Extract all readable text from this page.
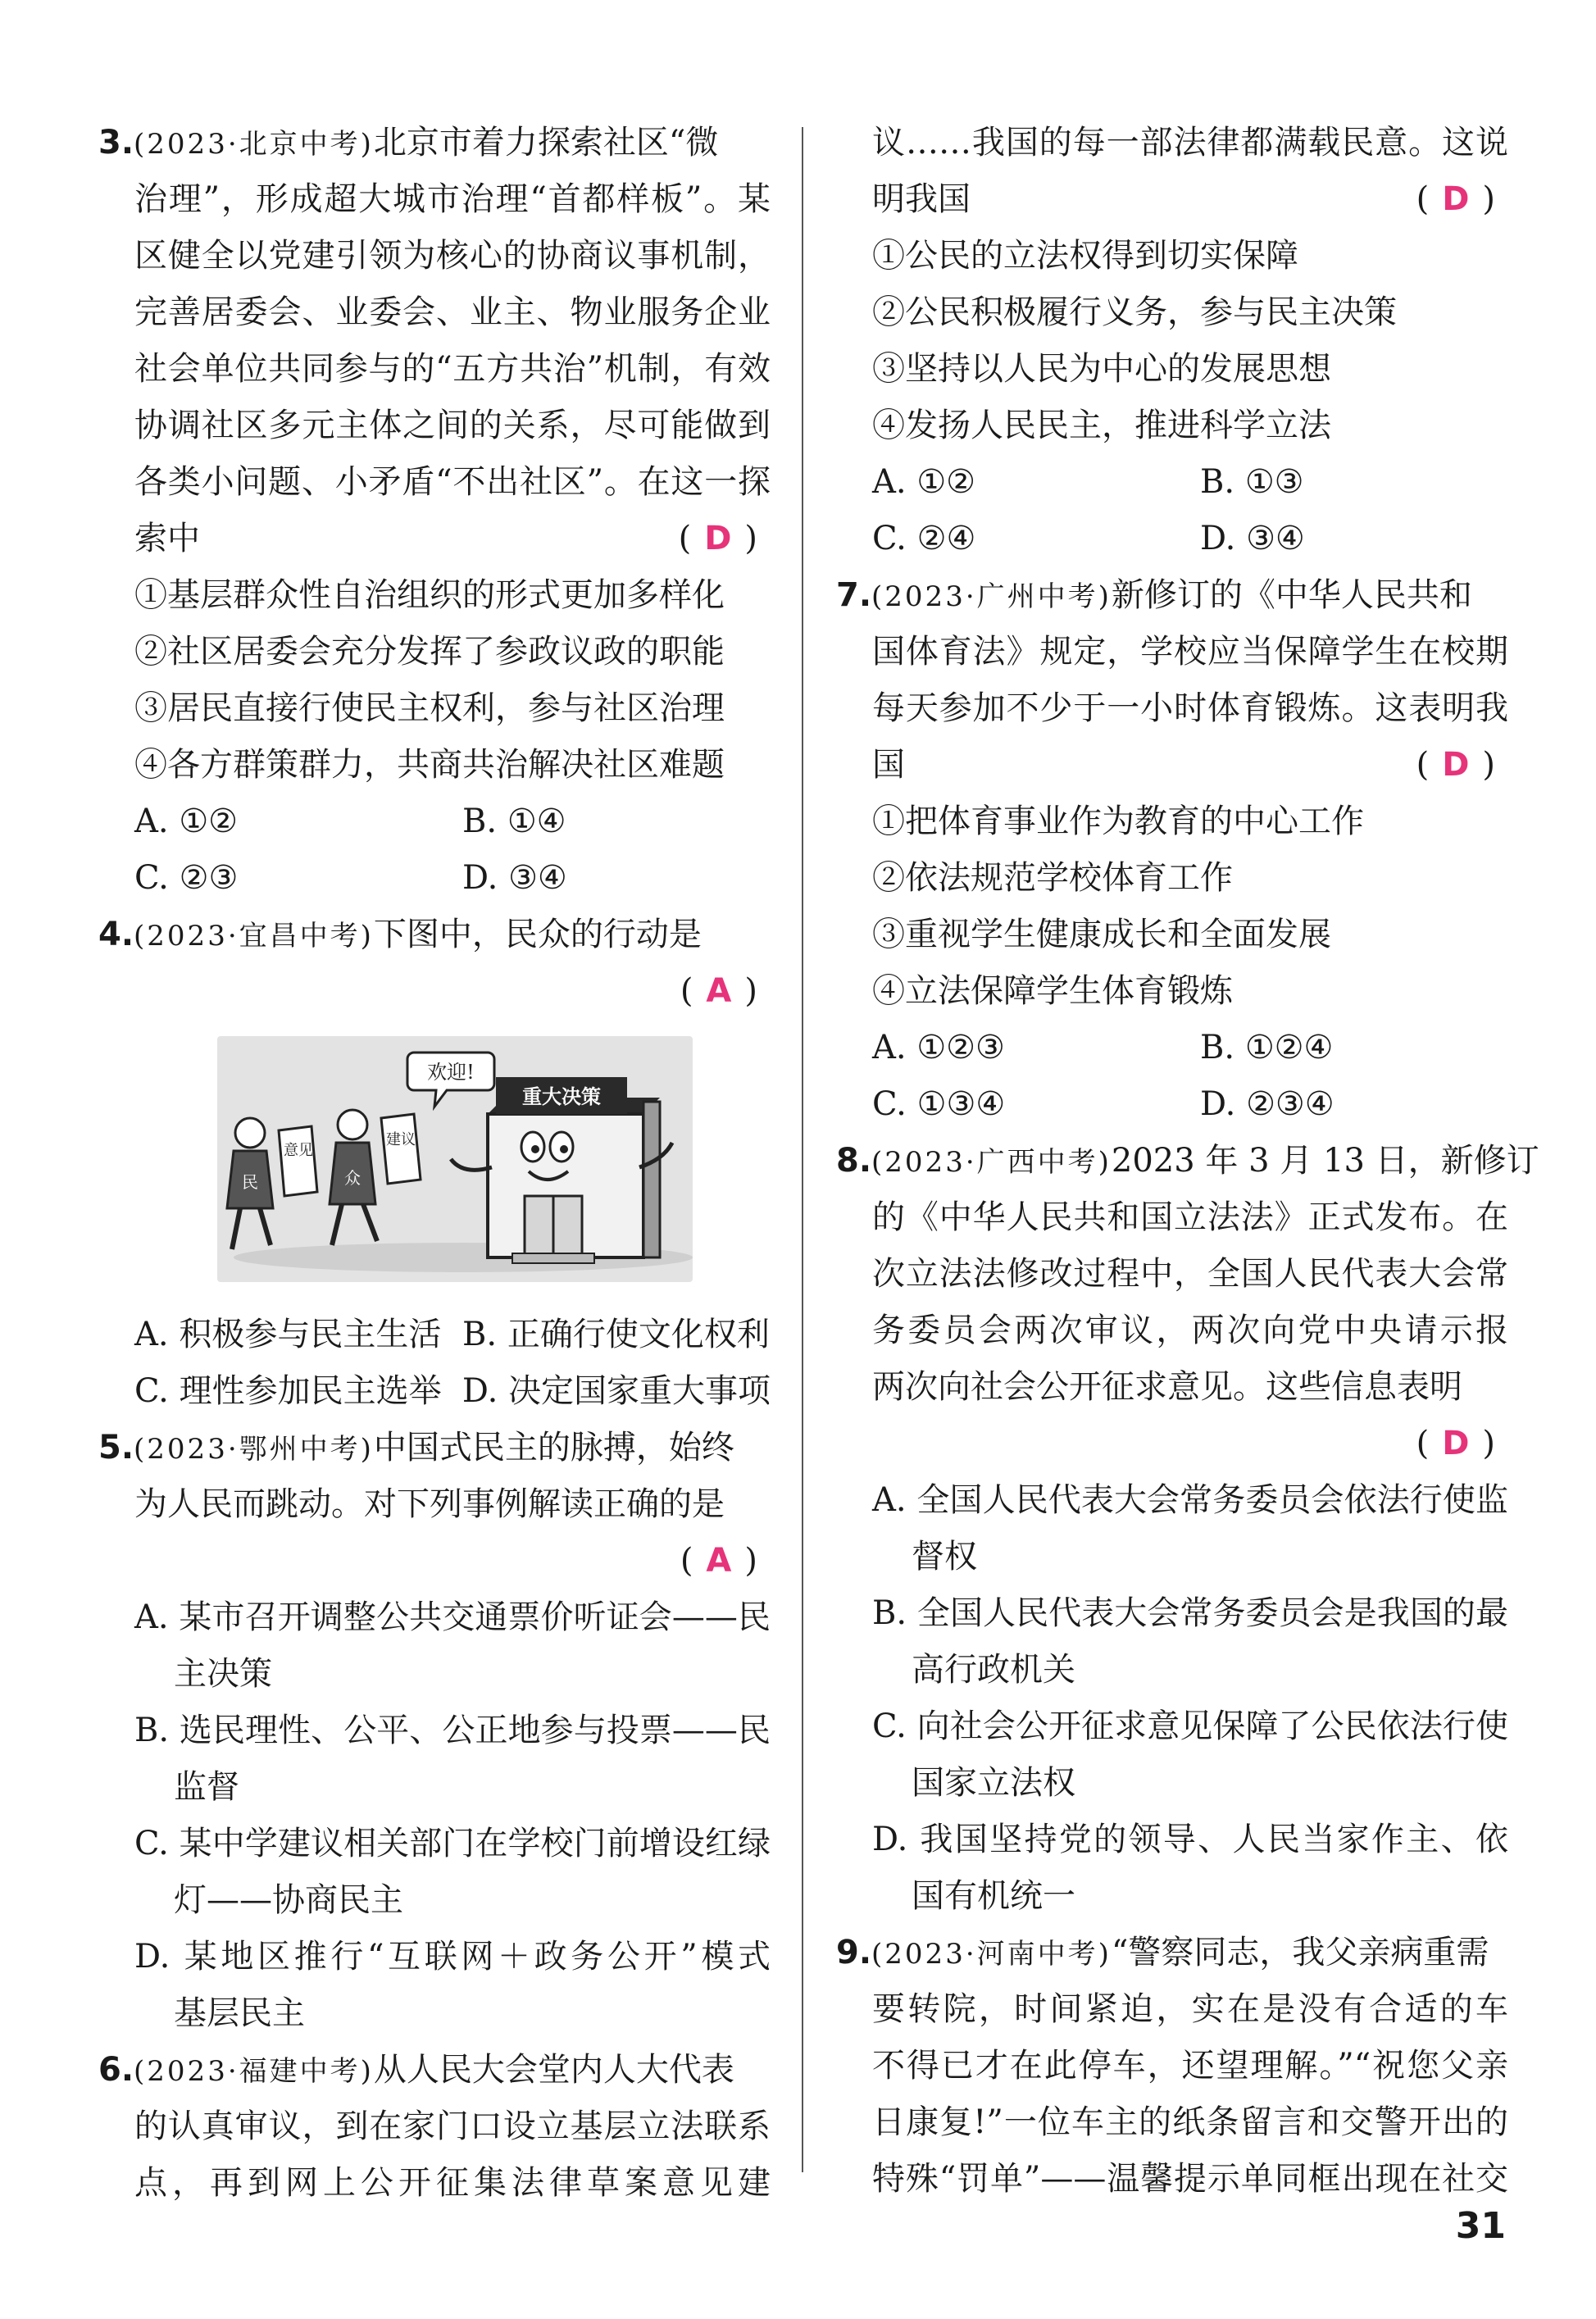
3.(2023·北京中考)北京市着力探索社区“微
治理”，形成超大城市治理“首都样板”。某
区健全以党建引领为核心的协商议事机制，
完善居委会、业委会、业主、物业服务企业
社会单位共同参与的“五方共治”机制，有效
协调社区多元主体之间的关系，尽可能做到
各类小问题、小矛盾“不出社区”。在这一探
索中	(D)
①基层群众性自治组织的形式更加多样化
②社区居委会充分发挥了参政议政的职能
③居民直接行使民主权利，参与社区治理
④各方群策群力，共商共治解决社区难题
A. ①②	B. ①④
C. ②③	D. ③④
4.(2023·宜昌中考)下图中，民众的行动是
(A)
重大决策
欢迎!
民
意见
众
建议
A. 积极参与民主生活 B. 正确行使文化权利
C. 理性参加民主选举 D. 决定国家重大事项
5.(2023·鄂州中考)中国式民主的脉搏，始终
为人民而跳动。对下列事例解读正确的是
(A)
A. 某市召开调整公共交通票价听证会——民
主决策
B. 选民理性、公平、公正地参与投票——民
监督
C. 某中学建议相关部门在学校门前增设红绿
灯——协商民主
D. 某地区推行“互联网＋政务公开”模式
基层民主
6.(2023·福建中考)从人民大会堂内人大代表
的认真审议，到在家门口设立基层立法联系
点，再到网上公开征集法律草案意见建
议……我国的每一部法律都满载民意。这说
明我国	(D)
①公民的立法权得到切实保障
②公民积极履行义务，参与民主决策
③坚持以人民为中心的发展思想
④发扬人民民主，推进科学立法
A. ①②	B. ①③
C. ②④	D. ③④
7.(2023·广州中考)新修订的《中华人民共和
国体育法》规定，学校应当保障学生在校期
每天参加不少于一小时体育锻炼。这表明我
国	(D)
①把体育事业作为教育的中心工作
②依法规范学校体育工作
③重视学生健康成长和全面发展
④立法保障学生体育锻炼
A. ①②③	B. ①②④
C. ①③④	D. ②③④
8.(2023·广西中考)2023 年 3 月 13 日，新修订
的《中华人民共和国立法法》正式发布。在
次立法法修改过程中，全国人民代表大会常
务委员会两次审议，两次向党中央请示报
两次向社会公开征求意见。这些信息表明
(D)
A. 全国人民代表大会常务委员会依法行使监
督权
B. 全国人民代表大会常务委员会是我国的最
高行政机关
C. 向社会公开征求意见保障了公民依法行使
国家立法权
D. 我国坚持党的领导、人民当家作主、依
国有机统一
9.(2023·河南中考)“警察同志，我父亲病重需
要转院，时间紧迫，实在是没有合适的车
不得已才在此停车，还望理解。”“祝您父亲
日康复!”一位车主的纸条留言和交警开出的
特殊“罚单”——温馨提示单同框出现在社交
31
